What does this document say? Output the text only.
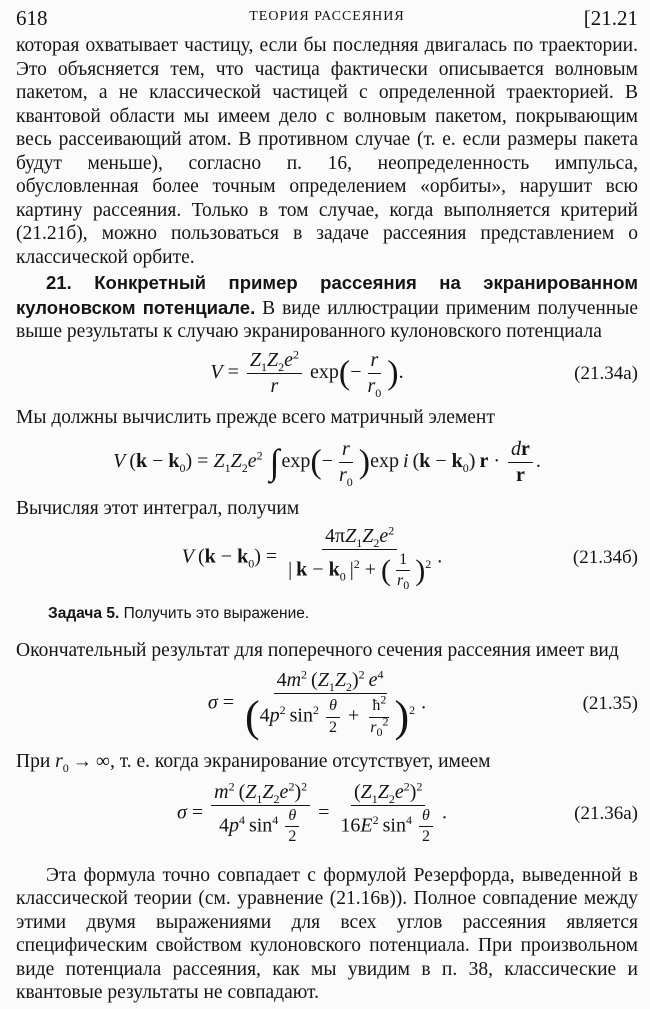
618	ТЕОРИЯ РАССЕЯНИЯ	[21.21

которая охватывает частицу, если бы последняя двигалась по траектории. Это объясняется тем, что частица фактически описывается волновым пакетом, а не классической частицей с определенной траекторией. В квантовой области мы имеем дело с волновым пакетом, покрывающим весь рассеивающий атом. В противном случае (т. е. если размеры пакета будут меньше), согласно п. 16, неопределенность импульса, обусловленная более точным определением «орбиты», нарушит всю картину рассеяния. Только в том случае, когда выполняется критерий (21.21б), можно пользоваться в задаче рассеяния представлением о классической орбите.

21. Конкретный пример рассеяния на экранированном кулоновском потенциале. В виде иллюстрации применим полученные выше результаты к случаю экранированного кулоновского потенциала

$V = \frac{Z_1Z_2e^2}{r} \exp(- \frac{r}{r_0}$ ).	(21.34а)

Мы должны вычислить прежде всего матричный элемент

V $(k - k_0) = Z_1Z_2e^2$ ∫ $\exp(- \frac{r}{r_0} )\exp$ i $(k - k_0)$ $r \cdot \frac{dr}{r}$ .

Вычисляя этот интеграл, получим

V $(k - k_0) = \frac{4\pi Z_1Z_2e^2}{| k - k_0 |^2 + ( \frac{1}{r_0} )^2}$ .	(21.34б)
Задача 5. Получить это выражение.

Окончательный результат для поперечного сечения рассеяния имеет вид

$\sigma = \frac{4m^2 (Z_1Z_2)^2 e^4}{(4p^2 \sin^2 \frac{\theta}{2} + \frac{ħ^2}{r_0^2} )^2}$ .	(21.35)

При $r_0$ → ∞, т. е. когда экранирование отсутствует, имеем

$\sigma = \frac{m^2 (Z_1Z_2e^2)^2}{4p^4 \sin^4 \frac{\theta}{2}} = \frac{(Z_1Z_2e^2)^2}{16E^2 \sin^4 \frac{\theta}{2}}$ .	(21.36а)

Эта формула точно совпадает с формулой Резерфорда, выведенной в классической теории (см. уравнение (21.16в)). Полное совпадение между этими двумя выражениями для всех углов рассеяния является специфическим свойством кулоновского потенциала. При произвольном виде потенциала рассеяния, как мы увидим в п. 38, классические и квантовые результаты не совпадают.
